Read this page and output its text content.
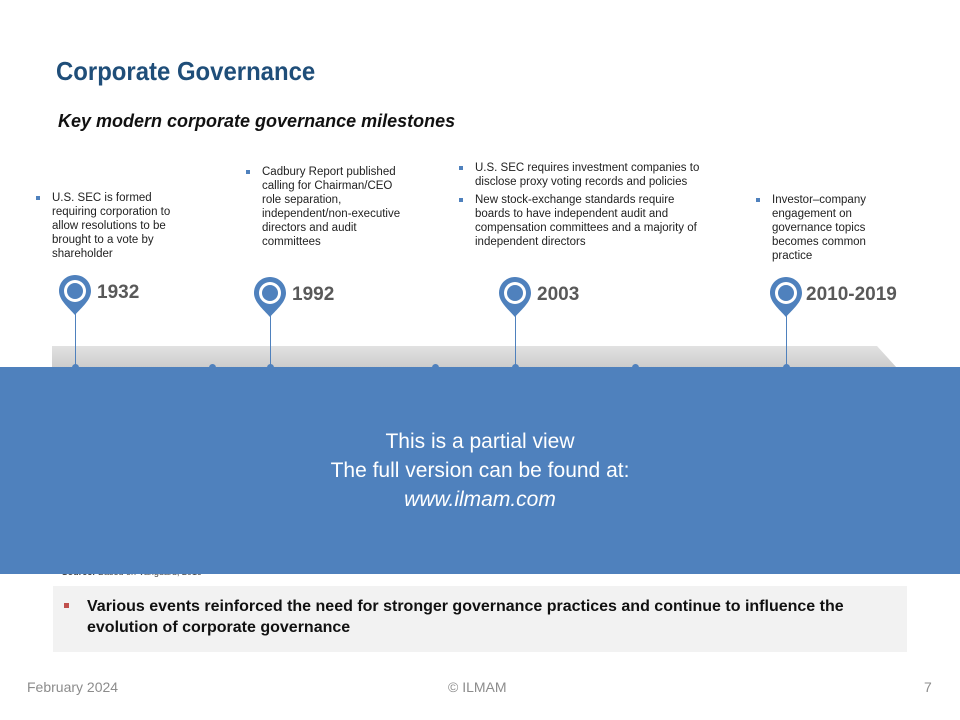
Corporate Governance
Key modern corporate governance milestones
U.S. SEC is formed requiring corporation to allow resolutions to be brought to a vote by shareholder
Cadbury Report published calling for Chairman/CEO role separation, independent/non-executive directors and audit committees
U.S. SEC requires investment companies to disclose proxy voting records and policies
New stock-exchange standards require boards to have independent audit and compensation committees and a majority of independent directors
Investor–company engagement on governance topics becomes common practice
1932	1992	2003	2010-2019
This is a partial view
The full version can be found at:
www.ilmam.com
Various events reinforced the need for stronger governance practices and continue to influence the evolution of corporate governance
February 2024	© ILMAM	7
